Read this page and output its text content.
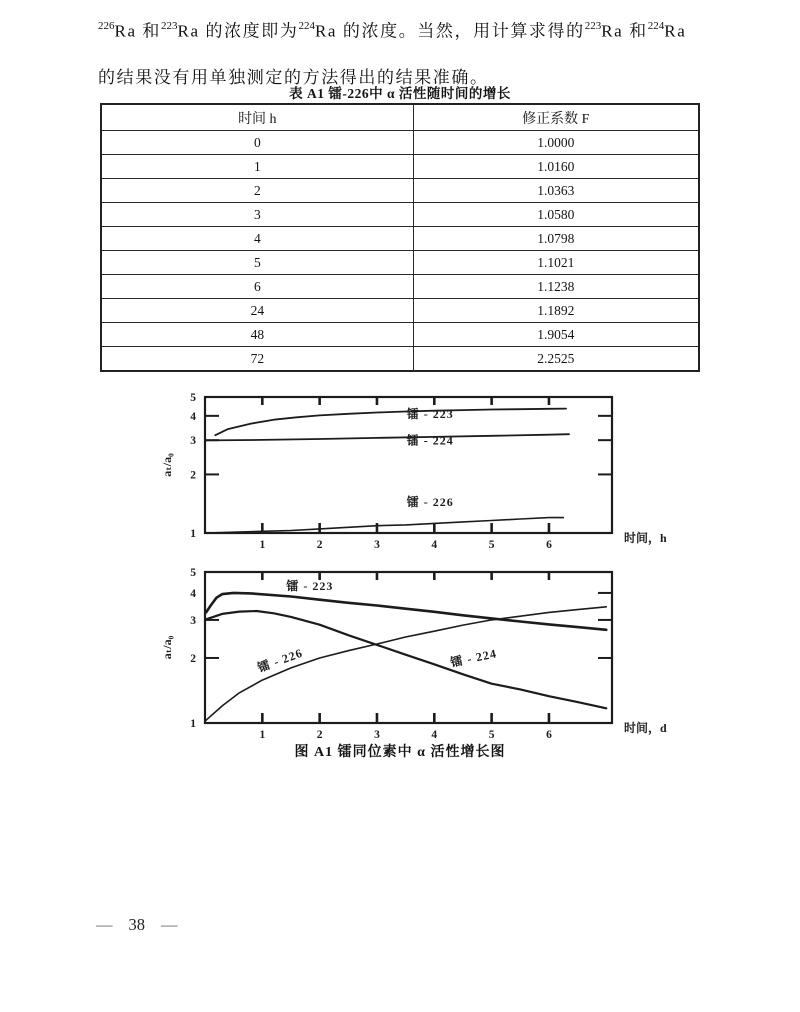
$^{226}$Ra 和$^{223}$Ra 的浓度即为$^{224}$Ra 的浓度。当然，用计算求得的$^{223}$Ra 和$^{224}$Ra
的结果没有用单独测定的方法得出的结果准确。
表 A1 镭-226中 α 活性随时间的增长
时间 h	修正系数 F
0	1.0000
1	1.0160
2	1.0363
3	1.0580
4	1.0798
5	1.1021
6	1.1238
24	1.1892
48	1.9054
72	2.2525
1	2	3	4	5	6
1
2
3
4
5
镭 - 223
镭 - 224
镭 - 226
时间，h
aₜ/a₀
1	2	3	4	5	6
1
2
3
4
5
镭 - 223
镭 - 226	镭 - 224
时间，d
aₜ/a₀
图 A1 镭同位素中 α 活性增长图
— 38 —
